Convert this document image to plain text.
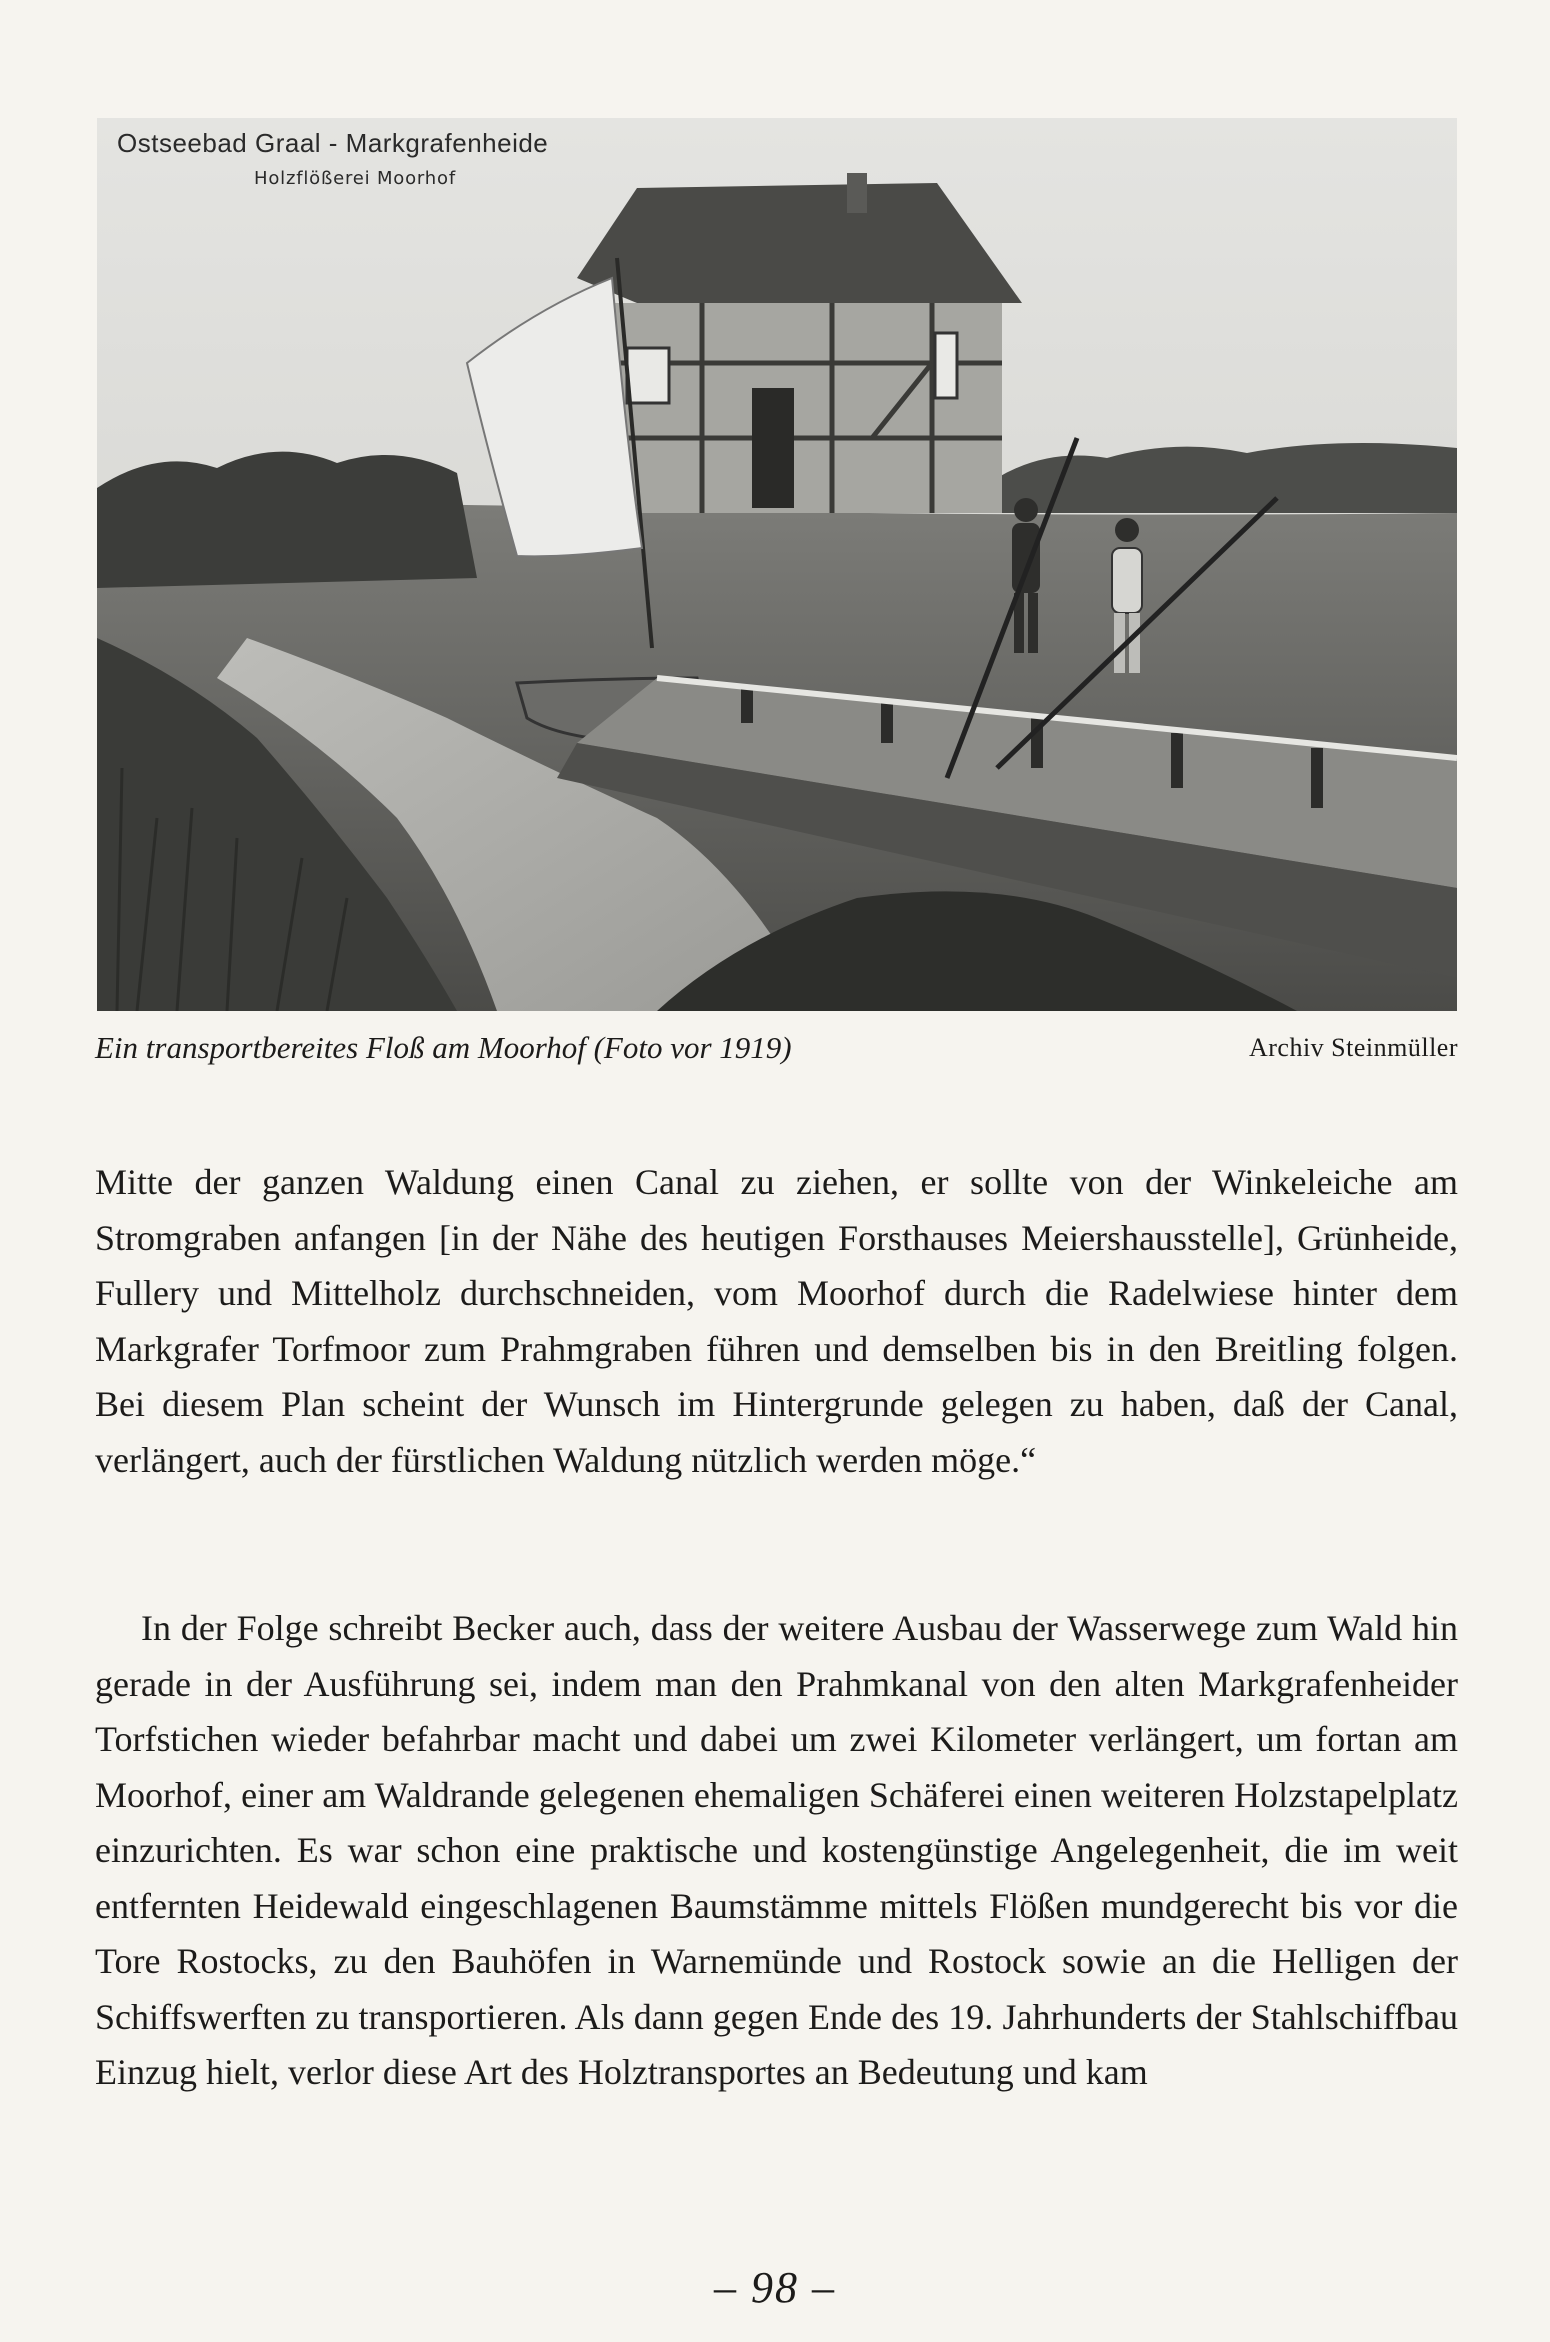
Ostseebad Graal - Markgrafenheide
Holzflößerei Moorhof
Ein transportbereites Floß am Moorhof (Foto vor 1919)	Archiv Steinmüller

Mitte der ganzen Waldung einen Canal zu ziehen, er sollte von der Winkeleiche am Stromgraben anfangen [in der Nähe des heutigen Forsthauses Meiershausstelle], Grünheide, Fullery und Mittelholz durchschneiden, vom Moorhof durch die Radelwiese hinter dem Markgrafer Torfmoor zum Prahmgraben führen und demselben bis in den Breitling folgen. Bei diesem Plan scheint der Wunsch im Hintergrunde gelegen zu haben, daß der Canal, verlängert, auch der fürstlichen Waldung nützlich werden möge.“

In der Folge schreibt Becker auch, dass der weitere Ausbau der Wasserwege zum Wald hin gerade in der Ausführung sei, indem man den Prahmkanal von den alten Markgrafenheider Torfstichen wieder befahrbar macht und dabei um zwei Kilometer verlängert, um fortan am Moorhof, einer am Waldrande gelegenen ehemaligen Schäferei einen weiteren Holzstapelplatz einzurichten. Es war schon eine praktische und kostengünstige Angelegenheit, die im weit entfernten Heidewald eingeschlagenen Baumstämme mittels Flößen mundgerecht bis vor die Tore Rostocks, zu den Bauhöfen in Warnemünde und Rostock sowie an die Helligen der Schiffswerften zu transportieren. Als dann gegen Ende des 19. Jahrhunderts der Stahlschiffbau Einzug hielt, verlor diese Art des Holztransportes an Bedeutung und kam

– 98 –
